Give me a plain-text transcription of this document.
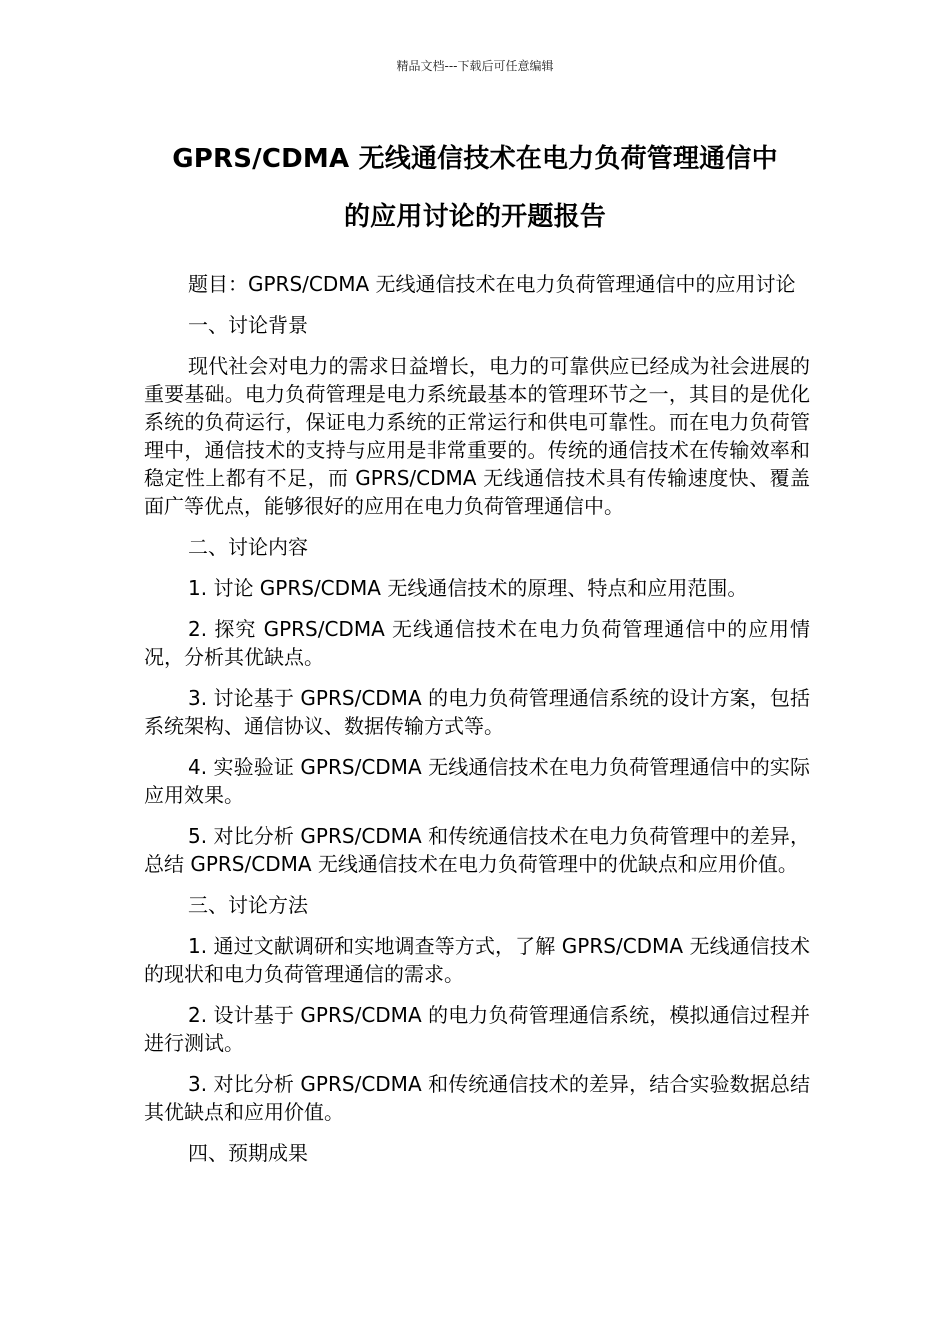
精品文档---下载后可任意编辑
GPRS/CDMA 无线通信技术在电力负荷管理通信中
的应用讨论的开题报告

题目：GPRS/CDMA 无线通信技术在电力负荷管理通信中的应用讨论

一、讨论背景

现代社会对电力的需求日益增长，电力的可靠供应已经成为社会进展的重要基础。电力负荷管理是电力系统最基本的管理环节之一，其目的是优化系统的负荷运行，保证电力系统的正常运行和供电可靠性。而在电力负荷管理中，通信技术的支持与应用是非常重要的。传统的通信技术在传输效率和稳定性上都有不足，而 GPRS/CDMA 无线通信技术具有传输速度快、覆盖面广等优点，能够很好的应用在电力负荷管理通信中。

二、讨论内容

1. 讨论 GPRS/CDMA 无线通信技术的原理、特点和应用范围。

2. 探究 GPRS/CDMA 无线通信技术在电力负荷管理通信中的应用情况，分析其优缺点。

3. 讨论基于 GPRS/CDMA 的电力负荷管理通信系统的设计方案，包括系统架构、通信协议、数据传输方式等。

4. 实验验证 GPRS/CDMA 无线通信技术在电力负荷管理通信中的实际应用效果。

5. 对比分析 GPRS/CDMA 和传统通信技术在电力负荷管理中的差异，总结 GPRS/CDMA 无线通信技术在电力负荷管理中的优缺点和应用价值。

三、讨论方法

1. 通过文献调研和实地调查等方式，了解 GPRS/CDMA 无线通信技术的现状和电力负荷管理通信的需求。

2. 设计基于 GPRS/CDMA 的电力负荷管理通信系统，模拟通信过程并进行测试。

3. 对比分析 GPRS/CDMA 和传统通信技术的差异，结合实验数据总结其优缺点和应用价值。

四、预期成果
